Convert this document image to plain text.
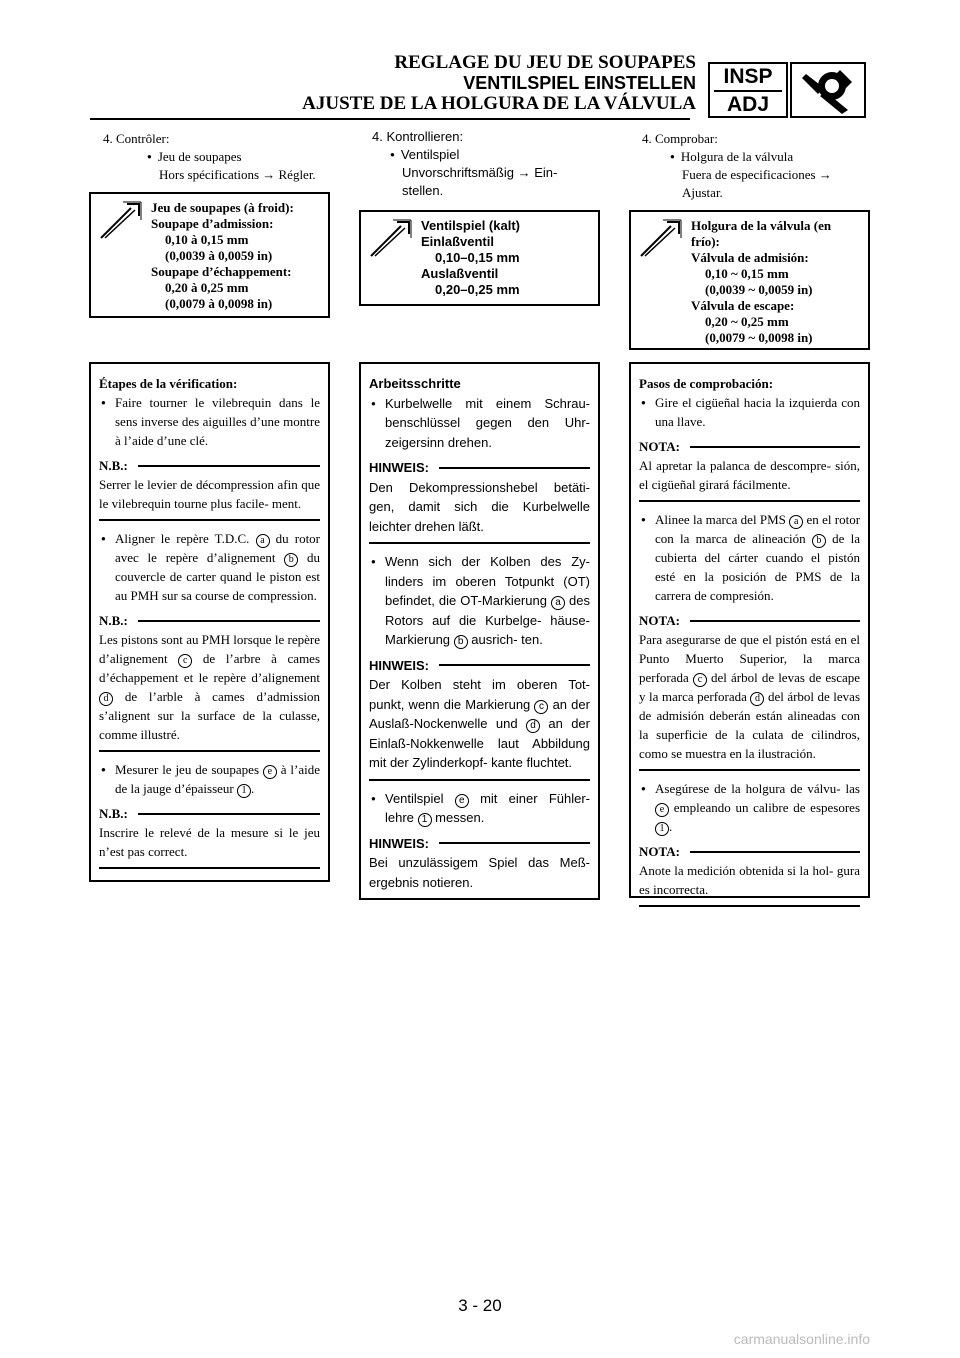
REGLAGE DU JEU DE SOUPAPES
VENTILSPIEL EINSTELLEN
AJUSTE DE LA HOLGURA DE LA VÁLVULA
INSP
ADJ
4. Contrôler:
● Jeu de soupapes
Hors spécifications → Régler.
Jeu de soupapes (à froid):
Soupape d’admission:
0,10 à 0,15 mm
(0,0039 à 0,0059 in)
Soupape d’échappement:
0,20 à 0,25 mm
(0,0079 à 0,0098 in)
Étapes de la vérification:
● Faire tourner le vilebrequin dans le sens inverse des aiguilles d’une montre à l’aide d’une clé.
N.B.:
Serrer le levier de décompression afin que le vilebrequin tourne plus facile- ment.
● Aligner le repère T.D.C. a du rotor avec le repère d’alignement b du couvercle de carter quand le piston est au PMH sur sa course de compression.
N.B.:
Les pistons sont au PMH lorsque le repère d’alignement c de l’arbre à cames d’échappement et le repère d’alignement d de l’arble à cames d’admission s’alignent sur la surface de la culasse, comme illustré.
● Mesurer le jeu de soupapes e à l’aide de la jauge d’épaisseur 1 .
N.B.:
Inscrire le relevé de la mesure si le jeu n’est pas correct.
4. Kontrollieren:
● Ventilspiel
Unvorschriftsmäßig → Ein-
stellen.
Ventilspiel (kalt)
Einlaßventil
0,10–0,15 mm
Auslaßventil
0,20–0,25 mm
Arbeitsschritte
● Kurbelwelle mit einem Schrau- benschlüssel gegen den Uhr- zeigersinn drehen.
HINWEIS:
Den Dekompressionshebel betäti- gen, damit sich die Kurbelwelle leichter drehen läßt.
● Wenn sich der Kolben des Zy- linders im oberen Totpunkt (OT) befindet, die OT-Markierung a des Rotors auf die Kurbelge- häuse-Markierung b ausrich- ten.
HINWEIS:
Der Kolben steht im oberen Tot- punkt, wenn die Markierung c an der Auslaß-Nockenwelle und d an der Einlaß-Nokkenwelle laut Abbildung mit der Zylinderkopf- kante fluchtet.
● Ventilspiel e mit einer Fühler- lehre 1 messen.
HINWEIS:
Bei unzulässigem Spiel das Meß- ergebnis notieren.
4. Comprobar:
● Holgura de la válvula
Fuera de especificaciones →
Ajustar.
Holgura de la válvula (en
frío):
Válvula de admisión:
0,10 ~ 0,15 mm
(0,0039 ~ 0,0059 in)
Válvula de escape:
0,20 ~ 0,25 mm
(0,0079 ~ 0,0098 in)
Pasos de comprobación:
● Gire el cigüeñal hacia la izquierda con una llave.
NOTA:
Al apretar la palanca de descompre- sión, el cigüeñal girará fácilmente.
● Alinee la marca del PMS a en el rotor con la marca de alineación b de la cubierta del cárter cuando el pistón esté en la posición de PMS de la carrera de compresión.
NOTA:
Para asegurarse de que el pistón está en el Punto Muerto Superior, la marca perforada c del árbol de levas de escape y la marca perforada d del árbol de levas de admisión deberán están alineadas con la superficie de la culata de cilindros, como se muestra en la ilustración.
● Asegúrese de la holgura de válvu- las e empleando un calibre de espesores 1 .
NOTA:
Anote la medición obtenida si la hol- gura es incorrecta.
3 - 20
carmanualsonline.info
